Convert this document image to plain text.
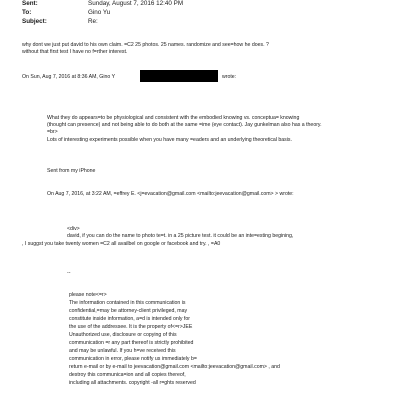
Sent:	Sunday, August 7, 2016 12:40 PM
To:	Gino Yu
Subject:	Re:
why dont we just put david to his own claim. =C2 25 photos. 25 names. randomize and see=how he does. ?
without that first test I have no f=rther interest.
On Sun, Aug 7, 2016 at 8:36 AM, Gino Y	wrote:
What they do appears=to be physiological and consistent with the embodied knowing vs. conceptua= knowing
(thought can presence) and not being able to do both at the same =ime (eye contact). Jay gunkelman also has a theory.
=br>
Lots of interesting experiments possible when you have many =eaders and an underlying theoretical basis.
Sent from my iPhone
On Aug 7, 2016, at 3:22 AM, =effrey E. <j=evacation@gmail.com <mailto:jeevacation@gmail.com> > wrote:
<div>
david, if you can do the name to photo te=t. in a 25 picture test. it could be an inte=esting begining,
, I suggst you take twenty women =C2 all availbel on google or facebook and try. , =A0
--
please note<=r>
The information contained in this communication is
confidential,=may be attorney-client privileged, may
constitute inside information, a=d is intended only for
the use of the addressee. It is the property of<=r>JEE
Unauthorized use, disclosure or copying of this
communication =r any part thereof is strictly prohibited
and may be unlawful. If you h=ve received this
communication in error, please notify us immediately b=
return e-mail or by e-mail to jeevacation@gmail.com <mailto:jeevacation@gmail.com> , and
destroy this communica=ion and all copies thereof,
including all attachments. copyright -all r=ghts reserved
